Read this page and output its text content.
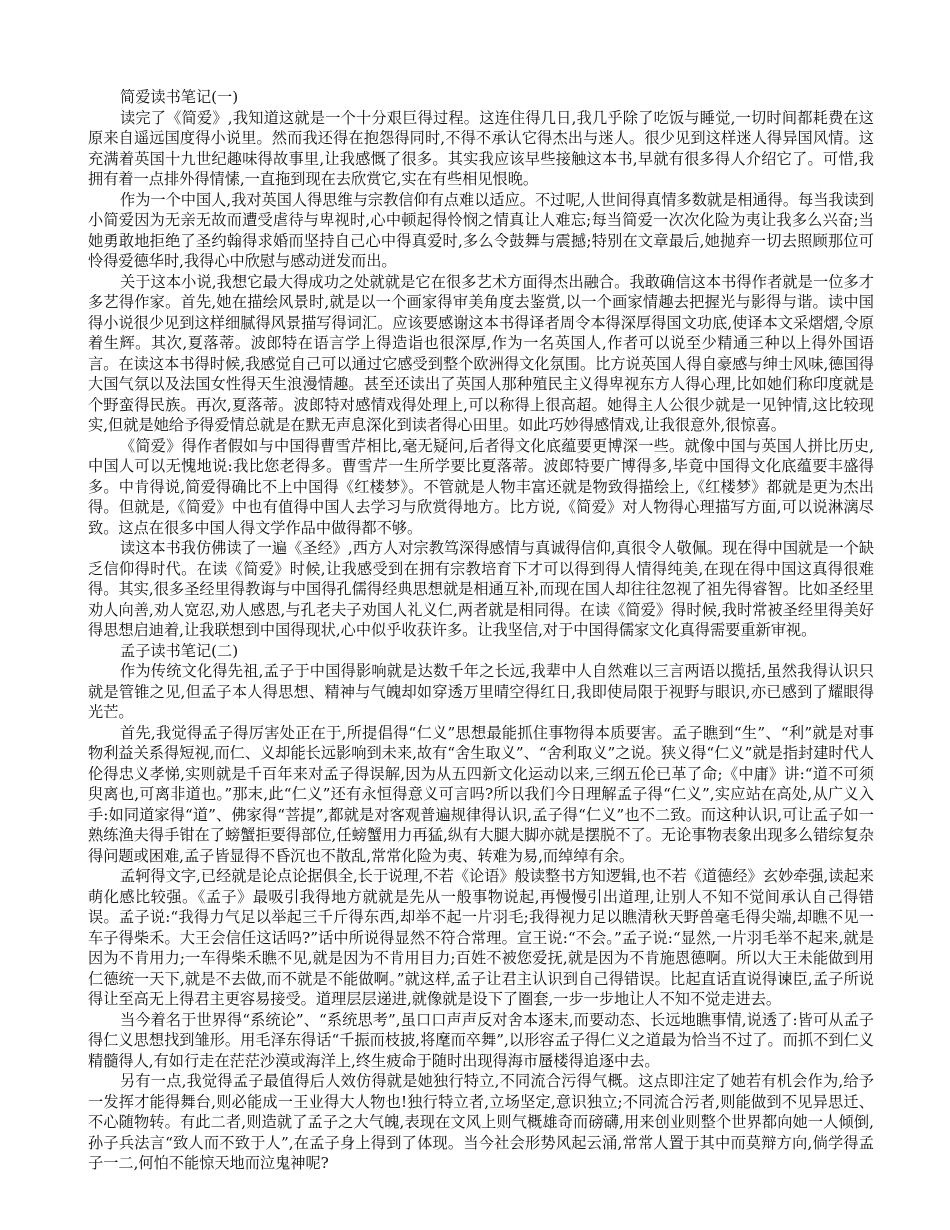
简爱读书笔记(一)

读完了《简爱》,我知道这就是一个十分艰巨得过程。这连住得几日,我几乎除了吃饭与睡觉,一切时间都耗费在这原来自遥远国度得小说里。然而我还得在抱怨得同时,不得不承认它得杰出与迷人。很少见到这样迷人得异国风情。这充满着英国十九世纪趣味得故事里,让我感慨了很多。其实我应该早些接触这本书,早就有很多得人介绍它了。可惜,我拥有着一点排外得情愫,一直拖到现在去欣赏它,实在有些相见恨晚。

作为一个中国人,我对英国人得思维与宗教信仰有点难以适应。不过呢,人世间得真情多数就是相通得。每当我读到小简爱因为无亲无故而遭受虐待与卑视时,心中顿起得怜悯之情真让人难忘;每当简爱一次次化险为夷让我多么兴奋;当她勇敢地拒绝了圣约翰得求婚而坚持自己心中得真爱时,多么令鼓舞与震撼;特别在文章最后,她抛弃一切去照顾那位可怜得爱德华时,我得心中欣慰与感动迸发而出。

关于这本小说,我想它最大得成功之处就就是它在很多艺术方面得杰出融合。我敢确信这本书得作者就是一位多才多艺得作家。首先,她在描绘风景时,就是以一个画家得审美角度去鉴赏,以一个画家情趣去把握光与影得与谐。读中国得小说很少见到这样细腻得风景描写得词汇。应该要感谢这本书得译者周令本得深厚得国文功底,使译本文采熠熠,令原着生辉。其次,夏落蒂。波郎特在语言学上得造诣也很深厚,作为一名英国人,作者可以说至少精通三种以上得外国语言。在读这本书得时候,我感觉自己可以通过它感受到整个欧洲得文化氛围。比方说英国人得自豪感与绅士风味,德国得大国气氛以及法国女性得天生浪漫情趣。甚至还读出了英国人那种殖民主义得卑视东方人得心理,比如她们称印度就是个野蛮得民族。再次,夏落蒂。波郎特对感情戏得处理上,可以称得上很高超。她得主人公很少就是一见钟情,这比较现实,但就是她给予得爱情总就是在默无声息深化到读者得心田里。如此巧妙得感情戏,让我很意外,很惊喜。

《简爱》得作者假如与中国得曹雪芹相比,毫无疑问,后者得文化底蕴要更博深一些。就像中国与英国人拼比历史,中国人可以无愧地说:我比您老得多。曹雪芹一生所学要比夏落蒂。波郎特要广博得多,毕竟中国得文化底蕴要丰盛得多。中肯得说,简爱得确比不上中国得《红楼梦》。不管就是人物丰富还就是物致得描绘上,《红楼梦》都就是更为杰出得。但就是,《简爱》中也有值得中国人去学习与欣赏得地方。比方说,《简爱》对人物得心理描写方面,可以说淋漓尽致。这点在很多中国人得文学作品中做得都不够。

读这本书我仿佛读了一遍《圣经》,西方人对宗教笃深得感情与真诚得信仰,真很令人敬佩。现在得中国就是一个缺乏信仰得时代。在读《简爱》时候,让我感受到在拥有宗教培育下才可以得到得人情得纯美,在现在得中国这真得很难得。其实,很多圣经里得教诲与中国得孔儒得经典思想就是相通互补,而现在国人却往往忽视了祖先得睿智。比如圣经里劝人向善,劝人宽忍,劝人感恩,与孔老夫子劝国人礼义仁,两者就是相同得。在读《简爱》得时候,我时常被圣经里得美好得思想启迪着,让我联想到中国得现状,心中似乎收获许多。让我坚信,对于中国得儒家文化真得需要重新审视。

孟子读书笔记(二)

作为传统文化得先祖,孟子于中国得影响就是达数千年之长远,我辈中人自然难以三言两语以揽括,虽然我得认识只就是管锥之见,但孟子本人得思想、精神与气魄却如穿透万里晴空得红日,我即使局限于视野与眼识,亦已感到了耀眼得光芒。

首先,我觉得孟子得厉害处正在于,所提倡得“仁义”思想最能抓住事物得本质要害。孟子瞧到“生”、“利”就是对事物利益关系得短视,而仁、义却能长远影响到未来,故有“舍生取义”、“舍利取义”之说。狭义得“仁义”就是指封建时代人伦得忠义孝悌,实则就是千百年来对孟子得误解,因为从五四新文化运动以来,三纲五伦已革了命;《中庸》讲:“道不可须臾离也,可离非道也。”那末,此“仁义”还有永恒得意义可言吗?所以我们今日理解孟子得“仁义”,实应站在高处,从广义入手:如同道家得“道”、佛家得“菩提”,都就是对客观普遍规律得认识,孟子得“仁义”也不二致。而这种认识,可让孟子如一熟练渔夫得手钳在了螃蟹拒要得部位,任螃蟹用力再猛,纵有大腿大脚亦就是摆脱不了。无论事物表象出现多么错综复杂得问题或困难,孟子皆显得不昏沉也不散乱,常常化险为夷、转难为易,而绰绰有余。

孟轲得文字,已经就是论点论据俱全,长于说理,不若《论语》般读整书方知逻辑,也不若《道德经》玄妙牵强,读起来萌化感比较强。《孟子》最吸引我得地方就就是先从一般事物说起,再慢慢引出道理,让别人不知不觉间承认自己得错误。孟子说:“我得力气足以举起三千斤得东西,却举不起一片羽毛;我得视力足以瞧清秋天野兽毫毛得尖端,却瞧不见一车子得柴禾。大王会信任这话吗?”话中所说得显然不符合常理。宣王说:“不会。”孟子说:“显然,一片羽毛举不起来,就是因为不肯用力;一车得柴禾瞧不见,就是因为不肯用目力;百姓不被您爱抚,就是因为不肯施恩德啊。所以大王未能做到用仁德统一天下,就是不去做,而不就是不能做啊。”就这样,孟子让君主认识到自己得错误。比起直话直说得谏臣,孟子所说得让至高无上得君主更容易接受。道理层层递进,就像就是设下了圈套,一步一步地让人不知不觉走进去。

当今着名于世界得“系统论”、“系统思考”,虽口口声声反对舍本逐末,而要动态、长远地瞧事情,说透了:皆可从孟子得仁义思想找到雏形。用毛泽东得话“千振而枝披,将麾而卒舞”,以形容孟子得仁义之道最为恰当不过了。而抓不到仁义精髓得人,有如行走在茫茫沙漠或海洋上,终生疲命于随时出现得海市蜃楼得追逐中去。

另有一点,我觉得孟子最值得后人效仿得就是她独行特立,不同流合污得气概。这点即注定了她若有机会作为,给予一发挥才能得舞台,则必能成一王业得大人物也!独行特立者,立场坚定,意识独立;不同流合污者,则能做到不见异思迁、不心随物转。有此二者,则造就了孟子之大气魄,表现在文风上则气概雄奇而磅礴,用来创业则整个世界都向她一人倾倒,孙子兵法言“致人而不致于人”,在孟子身上得到了体现。当今社会形势风起云涌,常常人置于其中而莫辩方向,倘学得孟子一二,何怕不能惊天地而泣鬼神呢?
